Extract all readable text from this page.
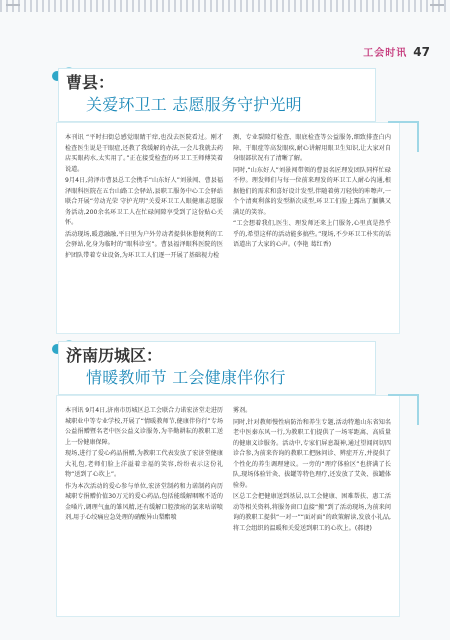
工会时讯 47
曹县：
关爱环卫工 志愿服务守护光明

本刊讯 “平时扫街总感觉眼睛干痒,也没去医院看过。刚才检查医生说是干眼症,还教了我缓解的办法,一会儿我就去药店买眼药水,太实用了。”正在接受检查的环卫工王师傅笑着说道。

9月4日,菏泽市曹县总工会携手“山东好人”刘景闯、曹县福泽眼科医院在五台山路工会驿站,县职工服务中心工会驿站联合开展“劳动光荣 守护光明”关爱环卫工人眼健康志愿服务活动,200余名环卫工人在忙碌间隙享受到了这份贴心关怀。

活动现场,暖意融融,平日里为户外劳动者提供休憩便利的工会驿站,化身为临时的“眼科诊室”。曹县福泽眼科医院的医护团队带着专业设备,为环卫工人们逐一开展了基础视力检

测、专业裂隙灯检查、眼底检查等公益服务,细致排查白内障、干眼症等高发眼疾,耐心讲解用眼卫生知识,让大家对自身眼部状况有了清晰了解。

同时,“山东好人”刘景闯带领的曹县名匠理发团队同样忙碌不停。理发师们与每一位前来理发的环卫工人耐心沟通,根据他们的需求和喜好设计发型,伴随着剪刀轻快的咔嚓声,一个个清爽利落的发型渐次成型,环卫工们脸上露出了腼腆又满足的笑容。

“工会想着我们,医生、理发师还来上门服务,心里真是热乎乎的,希望这样的活动能多搞些。”现场,不少环卫工朴实的话语道出了大家的心声。(李艳 葛红香)

济南历城区：
情暖教师节 工会健康伴你行

本刊讯 9月4日,济南市历城区总工会联合力诺宏济堂走进历城职业中等专业学校,开展了“情暖教师节,健康伴你行”专场公益捐赠暨名老中医公益义诊服务,为辛勤耕耘的教职工送上一份健康保障。

现场,进行了爱心药品捐赠,为教职工代表发放了宏济堂健康大礼包,老师们脸上洋溢着幸福的笑容,纷纷表示这份礼物“送到了心坎上”。

作为本次活动的爱心参与单位,宏济堂制药和力诺制药向历城职专捐赠价值30万元的爱心药品,包括能缓解咽喉不适的金嗓片,调理气血的雏风精,还有缓解口腔溃疡的氯来咕诺喷剂,用于心绞痛应急处理的硝酸异山梨酯喷

雾剂。

同时,针对教师慢性病防治和养生专题,活动特邀山东省知名老中医秦东风一行,为教职工们提供了一场零距离、高质量的健康义诊服务。活动中,专家们屏息凝神,通过望闻问切四诊合参,为前来咨询的教职工把脉问诊、辨症开方,并提供了个性化的养生调理建议。一旁的“理疗体验区”也挤满了长队,现场体验针灸、拔罐等特色理疗,还发放了艾灸、拔罐体验券。

区总工会把健康送到基层,以工会健康、困难帮扶、惠工活动等相关资料,将服务窗口直接“搬”到了活动现场,为前来问询的教职工提供“一对一”“面对面”的政策解读,发放小礼品,将工会组织的温暖和关爱送到职工的心坎上。(郝捷)
